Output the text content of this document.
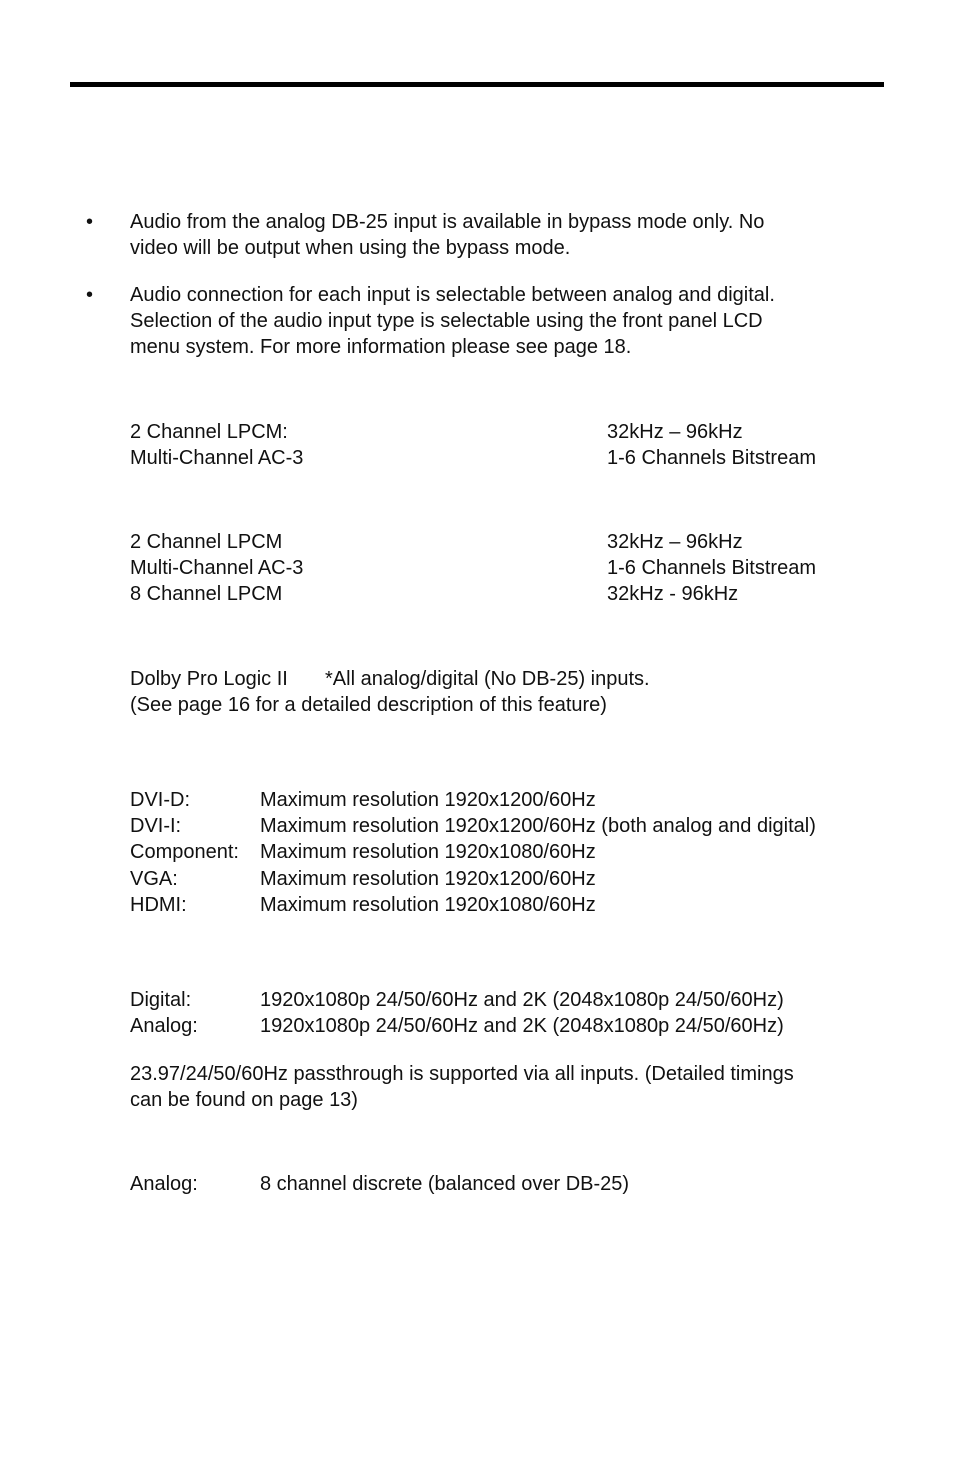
• Audio from the analog DB-25 input is available in bypass mode only. No
video will be output when using the bypass mode.
• Audio connection for each input is selectable between analog and digital.
Selection of the audio input type is selectable using the front panel LCD
menu system. For more information please see page 18.
2 Channel LPCM:	32kHz – 96kHz
Multi-Channel AC-3	1-6 Channels Bitstream
2 Channel LPCM	32kHz – 96kHz
Multi-Channel AC-3	1-6 Channels Bitstream
8 Channel LPCM	32kHz - 96kHz
Dolby Pro Logic II *All analog/digital (No DB-25) inputs.
(See page 16 for a detailed description of this feature)
DVI-D:	Maximum resolution 1920x1200/60Hz
DVI-I:	Maximum resolution 1920x1200/60Hz (both analog and digital)
Component: Maximum resolution 1920x1080/60Hz
VGA:	Maximum resolution 1920x1200/60Hz
HDMI:	Maximum resolution 1920x1080/60Hz
Digital:	1920x1080p 24/50/60Hz and 2K (2048x1080p 24/50/60Hz)
Analog:	1920x1080p 24/50/60Hz and 2K (2048x1080p 24/50/60Hz)
23.97/24/50/60Hz passthrough is supported via all inputs. (Detailed timings
can be found on page 13)
Analog:	8 channel discrete (balanced over DB-25)
